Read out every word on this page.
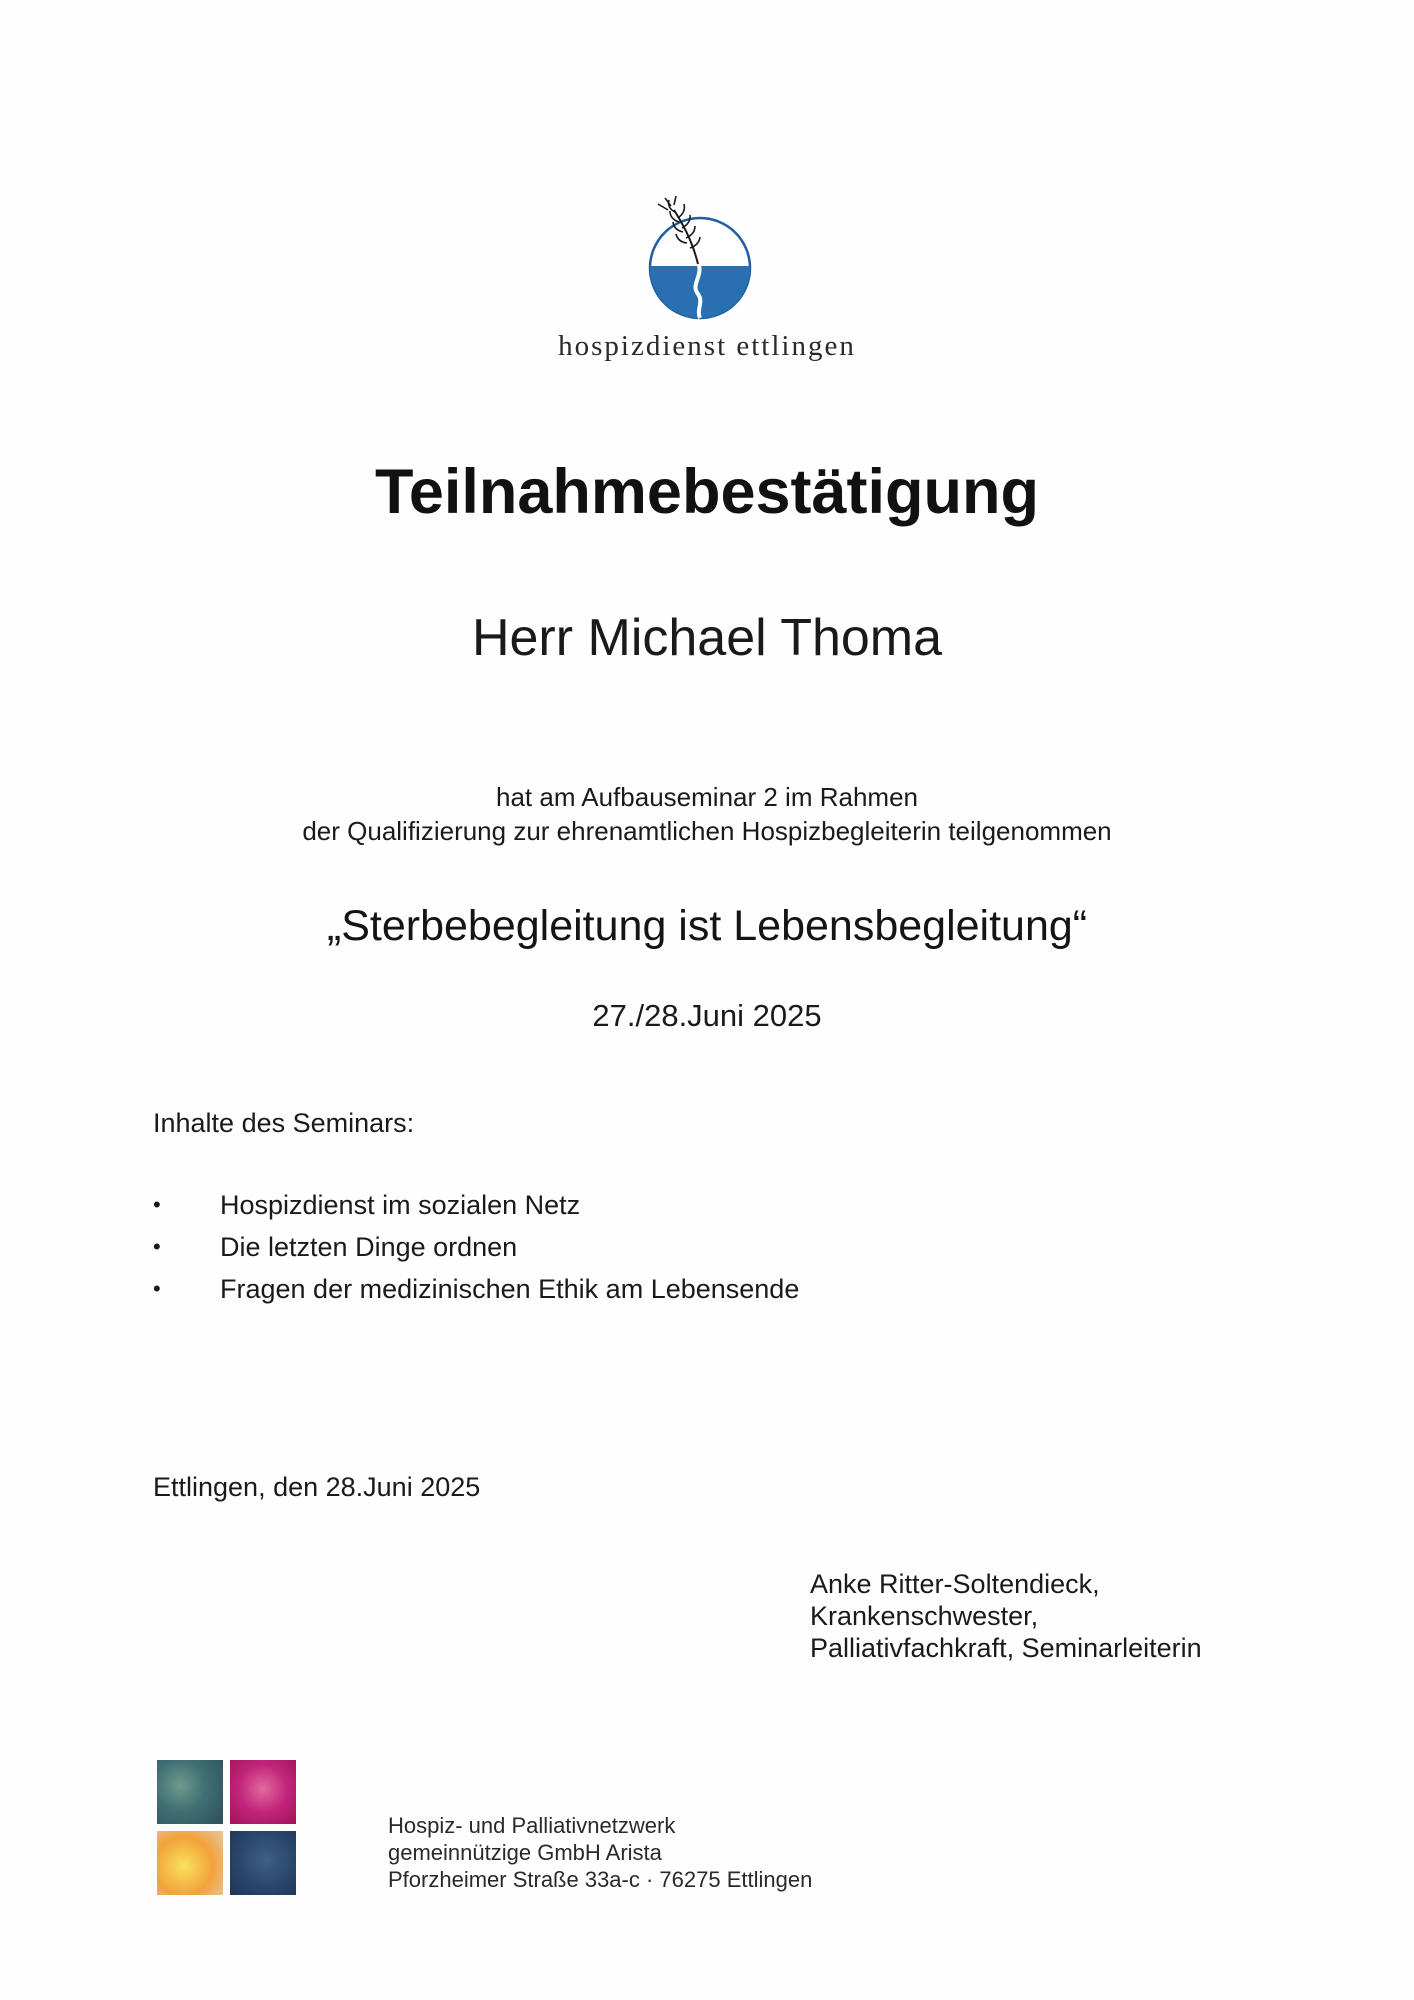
hospizdienst ettlingen
Teilnahmebestätigung
Herr Michael Thoma
hat am Aufbauseminar 2 im Rahmen
der Qualifizierung zur ehrenamtlichen Hospizbegleiterin teilgenommen
„Sterbebegleitung ist Lebensbegleitung“
27./28.Juni 2025
Inhalte des Seminars:
• Hospizdienst im sozialen Netz
• Die letzten Dinge ordnen
• Fragen der medizinischen Ethik am Lebensende
Ettlingen, den 28.Juni 2025
Anke Ritter-Soltendieck,
Krankenschwester,
Palliativfachkraft, Seminarleiterin
Hospiz- und Palliativnetzwerk
gemeinnützige GmbH Arista
Pforzheimer Straße 33a-c · 76275 Ettlingen
